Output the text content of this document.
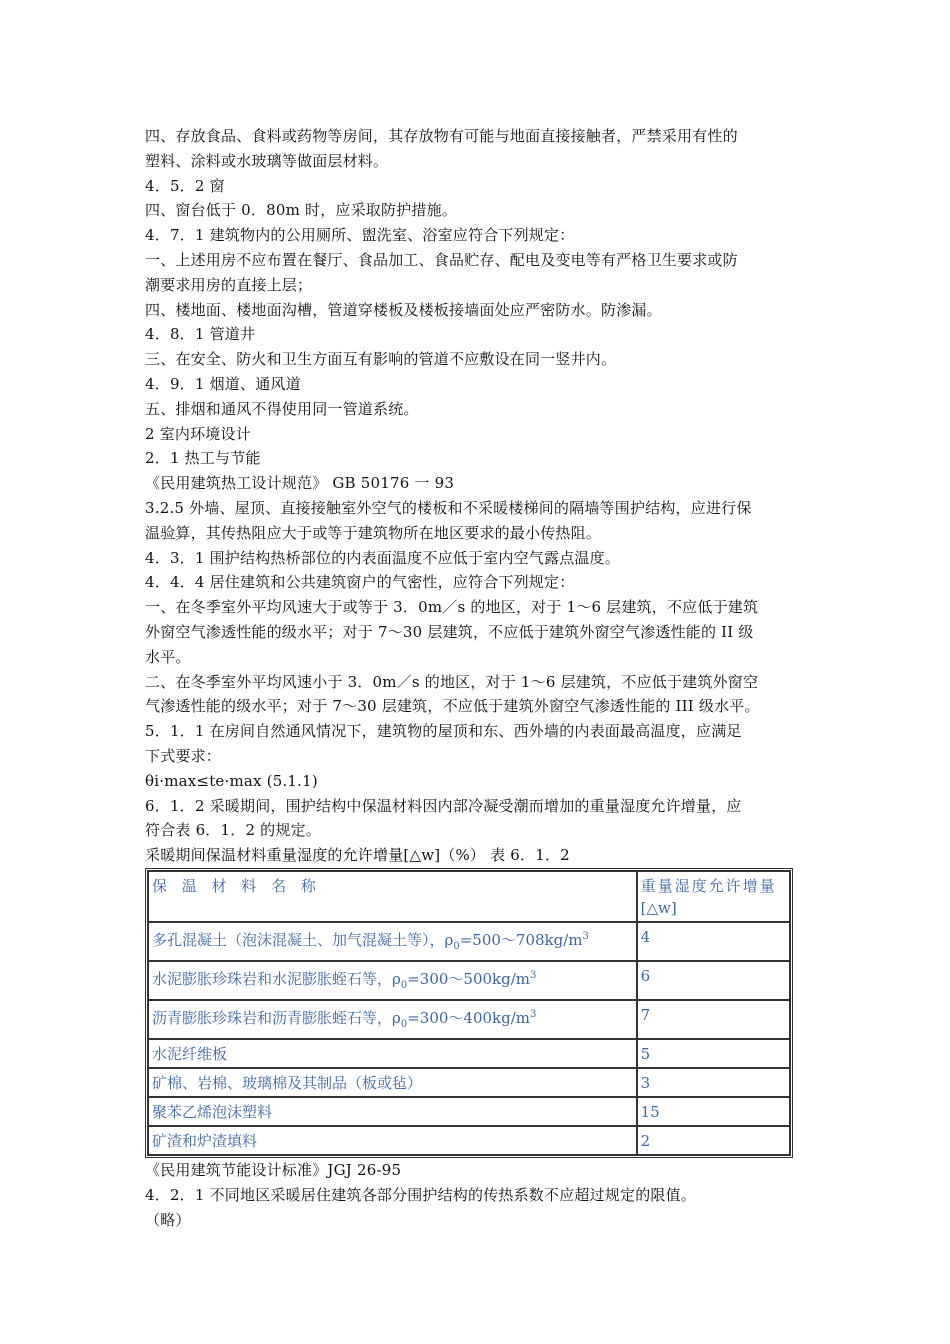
四、存放食品、食料或药物等房间，其存放物有可能与地面直接接触者，严禁采用有性的
塑料、涂料或水玻璃等做面层材料。
4．5．2 窗
四、窗台低于 0．80m 时，应采取防护措施。
4．7．1 建筑物内的公用厕所、盥洗室、浴室应符合下列规定：
一、上述用房不应布置在餐厅、食品加工、食品贮存、配电及变电等有严格卫生要求或防
潮要求用房的直接上层；
四、楼地面、楼地面沟槽，管道穿楼板及楼板接墙面处应严密防水。防渗漏。
4．8．1 管道井
三、在安全、防火和卫生方面互有影响的管道不应敷设在同一竖井内。
4．9．1 烟道、通风道
五、排烟和通风不得使用同一管道系统。
2 室内环境设计
2．1 热工与节能
《民用建筑热工设计规范》 GB 50176 一 93
3.2.5 外墙、屋顶、直接接触室外空气的楼板和不采暖楼梯间的隔墙等围护结构，应进行保
温验算，其传热阻应大于或等于建筑物所在地区要求的最小传热阻。
4．3．1 围护结构热桥部位的内表面温度不应低于室内空气露点温度。
4．4．4 居住建筑和公共建筑窗户的气密性，应符合下列规定：
一、在冬季室外平均风速大于或等于 3．0m／s 的地区，对于 1～6 层建筑，不应低于建筑
外窗空气渗透性能的级水平；对于 7～30 层建筑，不应低于建筑外窗空气渗透性能的 II 级
水平。
二、在冬季室外平均风速小于 3．0m／s 的地区，对于 1～6 层建筑，不应低于建筑外窗空
气渗透性能的级水平；对于 7～30 层建筑，不应低于建筑外窗空气渗透性能的 III 级水平。
5．1．1 在房间自然通风情况下，建筑物的屋顶和东、西外墙的内表面最高温度，应满足
下式要求：
θi·max≤te·max (5.1.1)
6．1．2 采暖期间，围护结构中保温材料因内部冷凝受潮而增加的重量湿度允许增量，应
符合表 6．1．2 的规定。
采暖期间保温材料重量湿度的允许增量[△w]（%） 表 6．1．2
保 温 材 料 名 称	重量湿度允许增量
[△w]
多孔混凝土（泡沫混凝土、加气混凝土等），$\rho_0=500\sim 708kg/m^3$	4
水泥膨胀珍珠岩和水泥膨胀蛭石等，$\rho_0=300\sim 500kg/m^3$	6
沥青膨胀珍珠岩和沥青膨胀蛭石等，$\rho_0=300\sim 400kg/m^3$	7
水泥纤维板	5
矿棉、岩棉、玻璃棉及其制品（板或毡）	3
聚苯乙烯泡沫塑料	15
矿渣和炉渣填料	2
《民用建筑节能设计标准》JGJ 26-95
4．2．1 不同地区采暖居住建筑各部分围护结构的传热系数不应超过规定的限值。
（略）
